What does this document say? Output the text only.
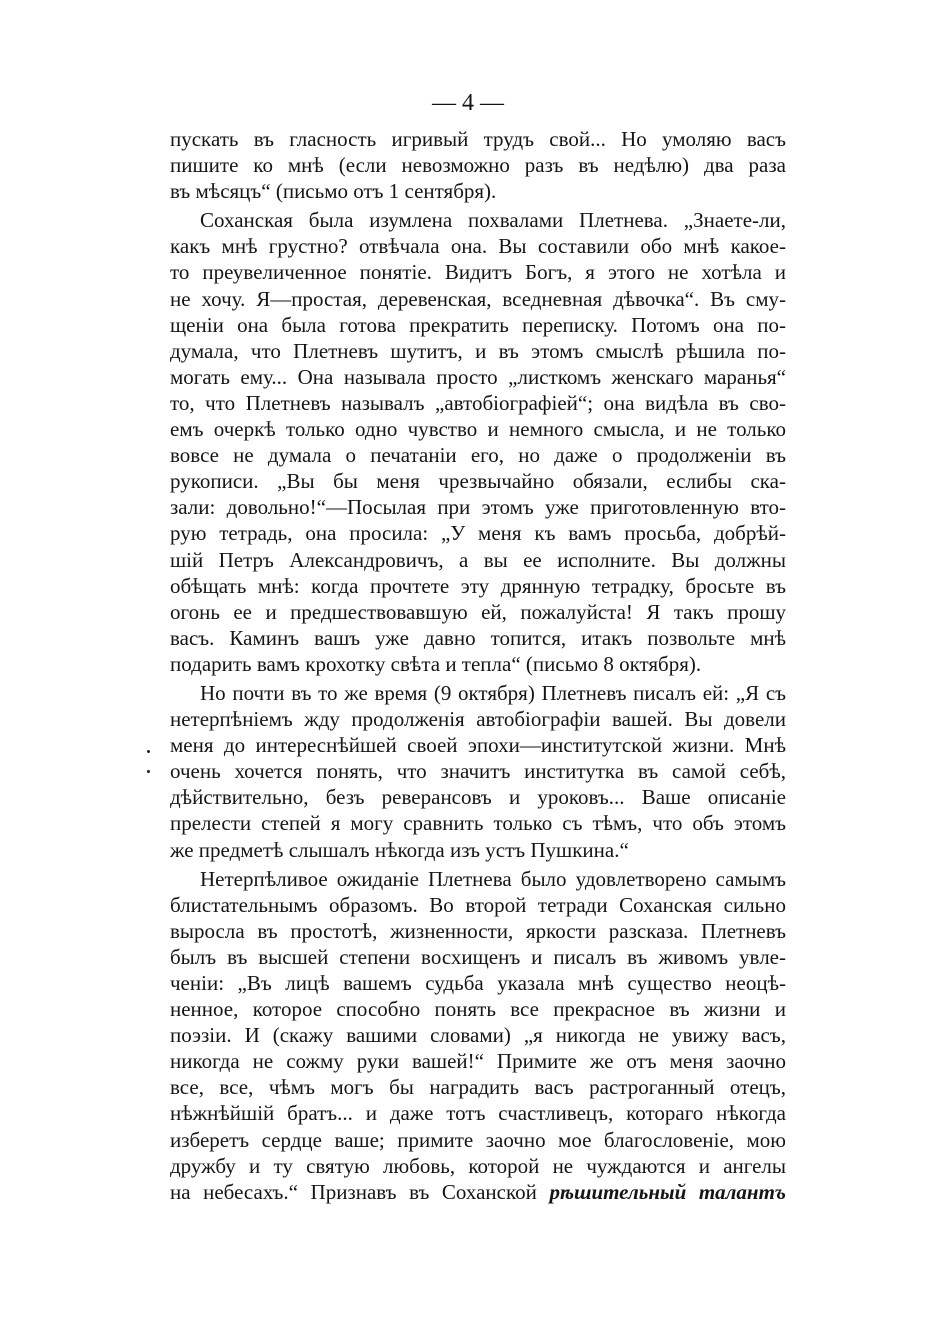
— 4 —
пускать въ гласность игривый трудъ свой... Но умоляю васъ
пишите ко мнѣ (если невозможно разъ въ недѣлю) два раза
въ мѣсяцъ“ (письмо отъ 1 сентября).
Соханская была изумлена похвалами Плетнева. „Знаете-ли,
какъ мнѣ грустно? отвѣчала она. Вы составили обо мнѣ какое-
то преувеличенное понятіе. Видитъ Богъ, я этого не хотѣла и
не хочу. Я—простая, деревенская, вседневная дѣвочка“. Въ сму-
щеніи она была готова прекратить переписку. Потомъ она по-
думала, что Плетневъ шутитъ, и въ этомъ смыслѣ рѣшила по-
могать ему... Она называла просто „листкомъ женскаго маранья“
то, что Плетневъ называлъ „автобіографіей“; она видѣла въ сво-
емъ очеркѣ только одно чувство и немного смысла, и не только
вовсе не думала о печатаніи его, но даже о продолженіи въ
рукописи. „Вы бы меня чрезвычайно обязали, еслибы ска-
зали: довольно!“—Посылая при этомъ уже приготовленную вто-
рую тетрадь, она просила: „У меня къ вамъ просьба, добрѣй-
шій Петръ Александровичъ, а вы ее исполните. Вы должны
обѣщать мнѣ: когда прочтете эту дрянную тетрадку, бросьте въ
огонь ее и предшествовавшую ей, пожалуйста! Я такъ прошу
васъ. Каминъ вашъ уже давно топится, итакъ позвольте мнѣ
подарить вамъ крохотку свѣта и тепла“ (письмо 8 октября).
Но почти въ то же время (9 октября) Плетневъ писалъ ей: „Я съ
нетерпѣніемъ жду продолженія автобіографіи вашей. Вы довели
меня до интереснѣйшей своей эпохи—институтской жизни. Мнѣ
очень хочется понять, что значитъ институтка въ самой себѣ,
дѣйствительно, безъ реверансовъ и уроковъ... Ваше описаніе
прелести степей я могу сравнить только съ тѣмъ, что объ этомъ
же предметѣ слышалъ нѣкогда изъ устъ Пушкина.“
Нетерпѣливое ожиданіе Плетнева было удовлетворено самымъ
блистательнымъ образомъ. Во второй тетради Соханская сильно
выросла въ простотѣ, жизненности, яркости разсказа. Плетневъ
былъ въ высшей степени восхищенъ и писалъ въ живомъ увле-
ченіи: „Въ лицѣ вашемъ судьба указала мнѣ существо неоцѣ-
ненное, которое способно понять все прекрасное въ жизни и
поэзіи. И (скажу вашими словами) „я никогда не увижу васъ,
никогда не сожму руки вашей!“ Примите же отъ меня заочно
все, все, чѣмъ могъ бы наградить васъ растроганный отецъ,
нѣжнѣйшій братъ... и даже тотъ счастливецъ, котораго нѣкогда
изберетъ сердце ваше; примите заочно мое благословеніе, мою
дружбу и ту святую любовь, которой не чуждаются и ангелы
на небесахъ.“ Признавъ въ Соханской рѣшительный талантъ
